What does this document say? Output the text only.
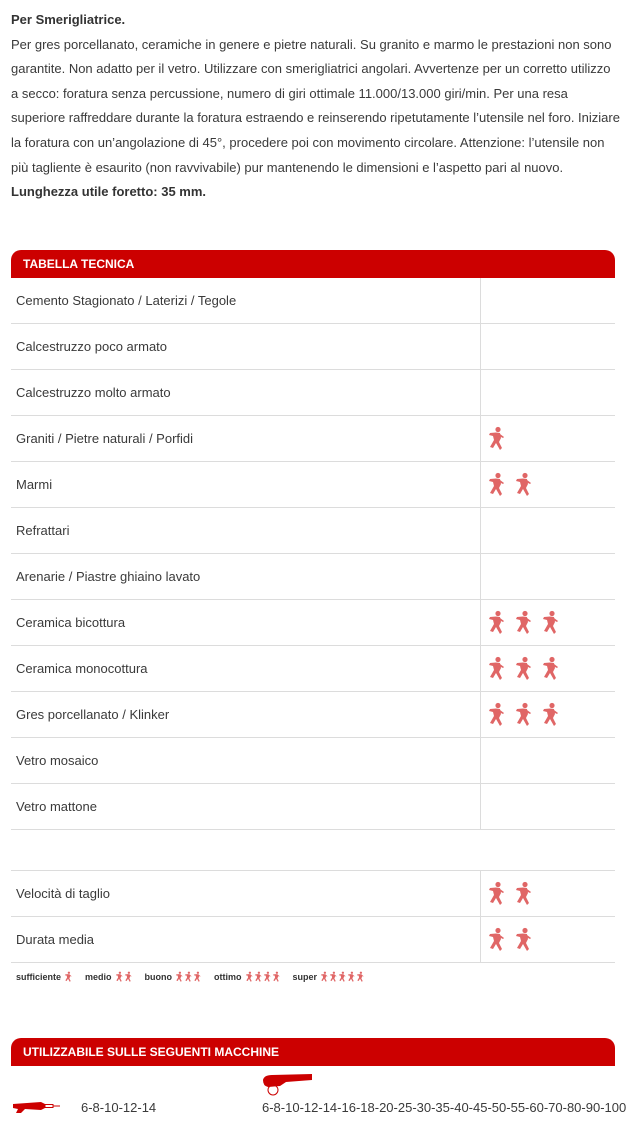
Per Smerigliatrice.

Per gres porcellanato, ceramiche in genere e pietre naturali. Su granito e marmo le prestazioni non sono garantite. Non adatto per il vetro. Utilizzare con smerigliatrici angolari. Avvertenze per un corretto utilizzo a secco: foratura senza percussione, numero di giri ottimale 11.000/13.000 giri/min. Per una resa superiore raffreddare durante la foratura estraendo e reinserendo ripetutamente l’utensile nel foro. Iniziare la foratura con un’angolazione di 45°, procedere poi con movimento circolare. Attenzione: l’utensile non più tagliente è esaurito (non ravvivabile) pur mantenendo le dimensioni e l’aspetto pari al nuovo.

Lunghezza utile foretto: 35 mm.

TABELLA TECNICA
Cemento Stagionato / Laterizi / Tegole	
Calcestruzzo poco armato	
Calcestruzzo molto armato	
Graniti / Pietre naturali / Porfidi	

Marmi	

Refrattari	
Arenarie / Piastre ghiaino lavato	
Ceramica bicottura	

Ceramica monocottura	

Gres porcellanato / Klinker	

Vetro mosaico	
Vetro mattone	
Velocità di taglio	

Durata media	
sufficiente	medio	buono	ottimo	super
UTILIZZABILE SULLE SEGUENTI MACCHINE
6-8-10-12-14	6-8-10-12-14-16-18-20-25-30-35-40-45-50-55-60-70-80-90-100
